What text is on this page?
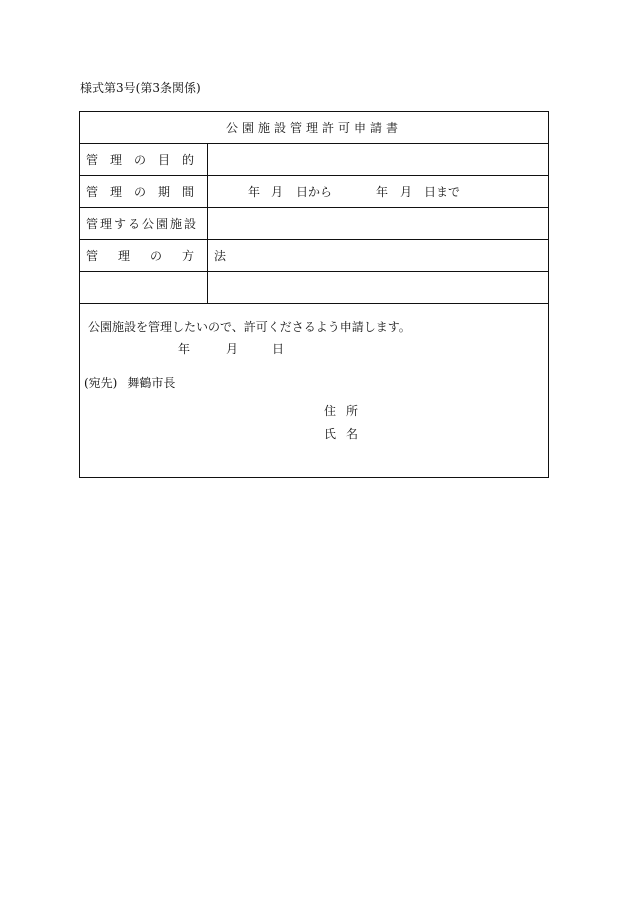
様式第3号(第3条関係)
公園施設管理許可申請書
管理の目的
管理の期間	年 月 日から	年 月 日まで
管理する公園施設
管理の方法
公園施設を管理したいので、許可くださるよう申請します。
年	月	日
(宛先) 舞鶴市長
住所
氏名
